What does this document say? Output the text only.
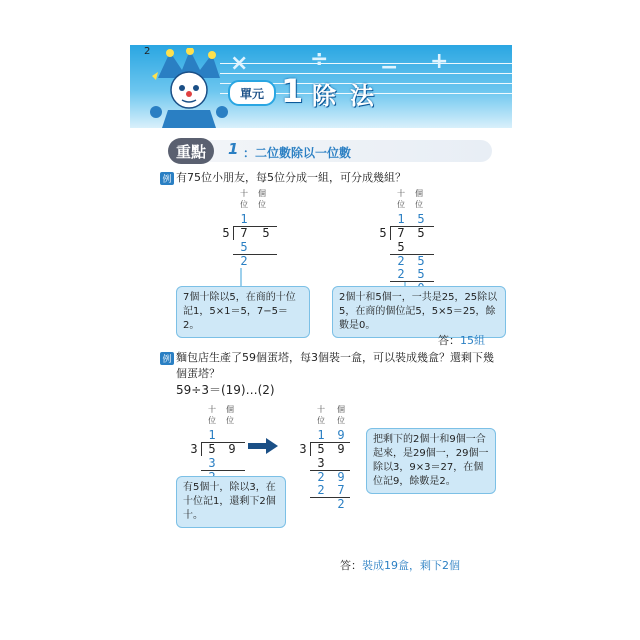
×	÷ − +
2
單元 1 除法
重點	1 ：二位數除以一位數
例 有75位小朋友，每5位分成一組，可分成幾組？
十	個
位	位
1
5 7 5
5
2
十	個
位	位
1 5
5 7 5
5
2 5
2 5
7個十除以5，在商的十位記1，5×1＝5，7−5＝2。
2個十和5個一，一共是25，25除以5，在商的個位記5，5×5＝25，餘數是0。
答：15組
例 麵包店生產了59個蛋塔，每3個裝一盒，可以裝成幾盒？還剩下幾個蛋塔？
59÷3＝(19)…(2)
十	個
位	位
1
3 5 9
3
十	個
位	位
1 9
3 5 9
3
2 9
2 7
2
有5個十，除以3，在十位記1，還剩下2個十。
把剩下的2個十和9個一合起來，是29個一，29個一除以3，9×3＝27，在個位記9，餘數是2。
答：裝成19盒，剩下2個
